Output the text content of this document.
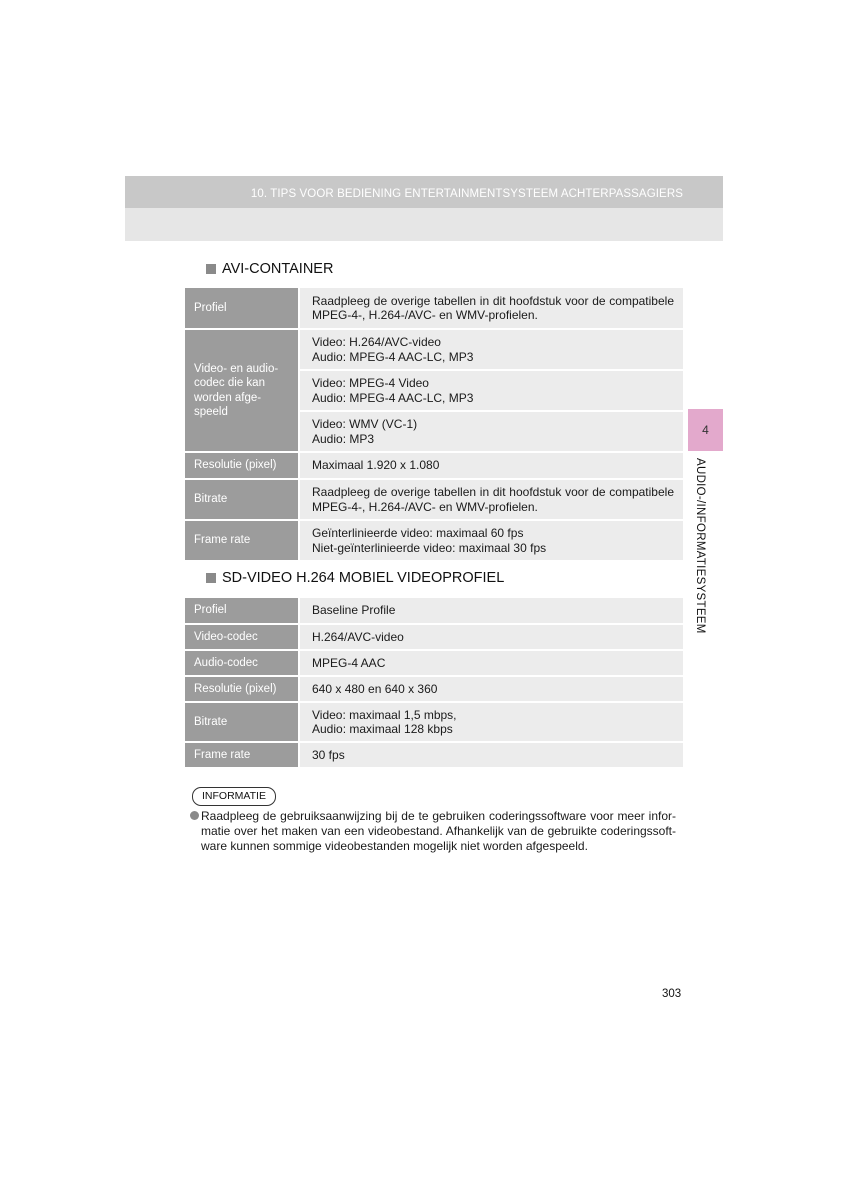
10. TIPS VOOR BEDIENING ENTERTAINMENTSYSTEEM ACHTERPASSAGIERS
AVI-CONTAINER
Profiel	Raadpleeg de overige tabellen in dit hoofdstuk voor de compatibele
MPEG-4-, H.264-/AVC- en WMV-profielen.

Video- en audio-
codec die kan
worden afge-
speeld	Video: H.264/AVC-video
Audio: MPEG-4 AAC-LC, MP3

	Video: MPEG-4 Video
Audio: MPEG-4 AAC-LC, MP3

	Video: WMV (VC-1)
Audio: MP3

Resolutie (pixel)	Maximaal 1.920 x 1.080

Bitrate	Raadpleeg de overige tabellen in dit hoofdstuk voor de compatibele
MPEG-4-, H.264-/AVC- en WMV-profielen.

Frame rate	Geïnterlinieerde video: maximaal 60 fps
Niet-geïnterlinieerde video: maximaal 30 fps
SD-VIDEO H.264 MOBIEL VIDEOPROFIEL
Profiel	Baseline Profile

Video-codec	H.264/AVC-video

Audio-codec	MPEG-4 AAC

Resolutie (pixel)	640 x 480 en 640 x 360

Bitrate	Video: maximaal 1,5 mbps,
Audio: maximaal 128 kbps

Frame rate	30 fps
INFORMATIE
Raadpleeg de gebruiksaanwijzing bij de te gebruiken coderingssoftware voor meer infor-
matie over het maken van een videobestand. Afhankelijk van de gebruikte coderingssoft-
ware kunnen sommige videobestanden mogelijk niet worden afgespeeld.
4
AUDIO-/INFORMATIESYSTEEM
303
